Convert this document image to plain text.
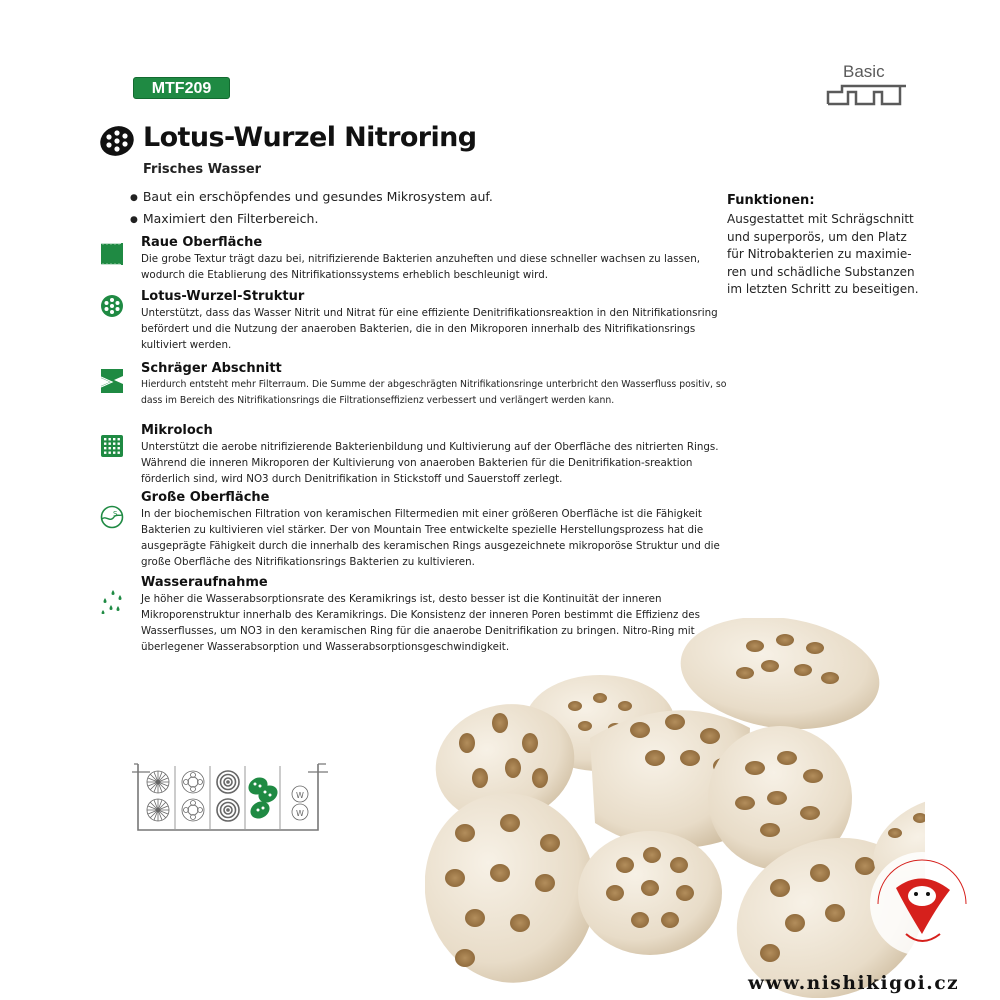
MTF209
Basic
Lotus-Wurzel Nitroring
Frisches Wasser
● Baut ein erschöpfendes und gesundes Mikrosystem auf.
● Maximiert den Filterbereich.
Raue Oberfläche
Die grobe Textur trägt dazu bei, nitrifizierende Bakterien anzuheften und diese schneller wachsen zu lassen, wodurch die Etablierung des Nitrifikationssystems erheblich beschleunigt wird.
Lotus-Wurzel-Struktur
Unterstützt, dass das Wasser Nitrit und Nitrat für eine effiziente Denitrifikationsreaktion in den Nitrifikationsring befördert und die Nutzung der anaeroben Bakterien, die in den Mikroporen innerhalb des Nitrifikationsrings kultiviert werden.
Schräger Abschnitt
Hierdurch entsteht mehr Filterraum. Die Summe der abgeschrägten Nitrifikationsringe unterbricht den Wasserfluss positiv, so dass im Bereich des Nitrifikationsrings die Filtrationseffizienz verbessert und verlängert werden kann.
Mikroloch
Unterstützt die aerobe nitrifizierende Bakterienbildung und Kultivierung auf der Oberfläche des nitrierten Rings. Während die inneren Mikroporen der Kultivierung von anaeroben Bakterien für die Denitrifikation-sreaktion förderlich sind, wird NO3 durch Denitrifikation in Stickstoff und Sauerstoff zerlegt.
S
Große Oberfläche
In der biochemischen Filtration von keramischen Filtermedien mit einer größeren Oberfläche ist die Fähigkeit Bakterien zu kultivieren viel stärker. Der von Mountain Tree entwickelte spezielle Herstellungsprozess hat die ausgeprägte Fähigkeit durch die innerhalb des keramischen Rings ausgezeichnete mikroporöse Struktur und die große Oberfläche des Nitrifikationsrings Bakterien zu kultivieren.
Wasseraufnahme
Je höher die Wasserabsorptionsrate des Keramikrings ist, desto besser ist die Kontinuität der inneren Mikroporenstruktur innerhalb des Keramikrings. Die Konsistenz der inneren Poren bestimmt die Effizienz des Wasserflusses, um NO3 in den keramischen Ring für die anaerobe Denitrifikation zu bringen. Nitro-Ring mit überlegener Wasserabsorption und Wasserabsorptionsgeschwindigkeit.
Funktionen:
Ausgestattet mit Schrägschnitt und superporös, um den Platz für Nitrobakterien zu maximie-ren und schädliche Substanzen im letzten Schritt zu beseitigen.
W
W
www.nishikigoi.cz
